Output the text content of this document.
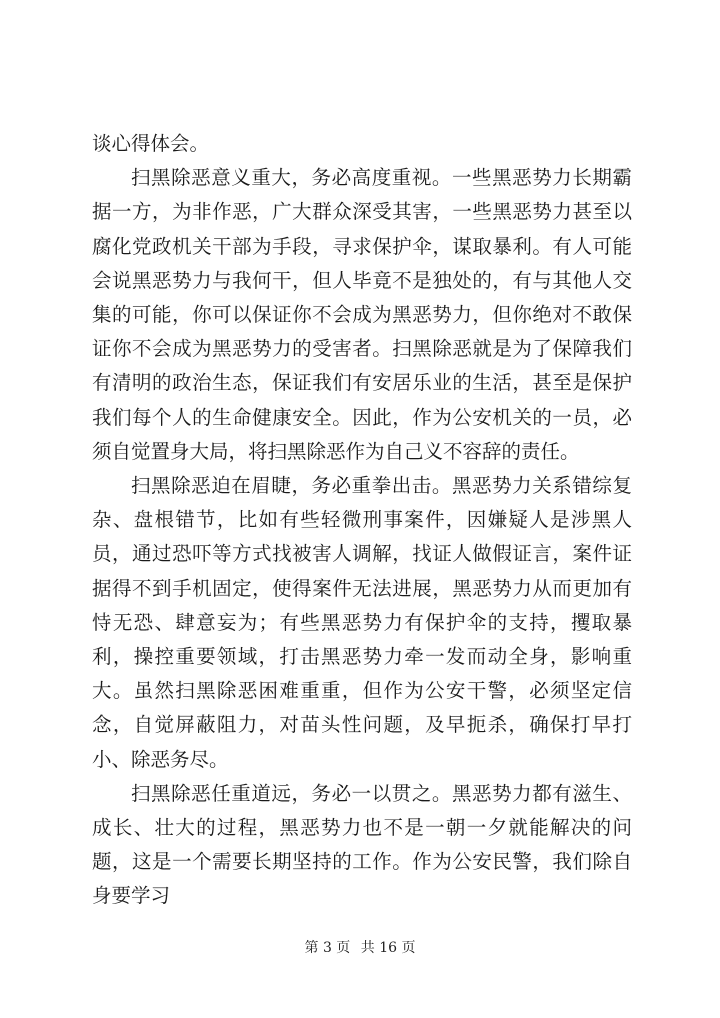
谈心得体会。

扫黑除恶意义重大，务必高度重视。一些黑恶势力长期霸据一方，为非作恶，广大群众深受其害，一些黑恶势力甚至以腐化党政机关干部为手段，寻求保护伞，谋取暴利。有人可能会说黑恶势力与我何干，但人毕竟不是独处的，有与其他人交集的可能，你可以保证你不会成为黑恶势力，但你绝对不敢保证你不会成为黑恶势力的受害者。扫黑除恶就是为了保障我们有清明的政治生态，保证我们有安居乐业的生活，甚至是保护我们每个人的生命健康安全。因此，作为公安机关的一员，必须自觉置身大局，将扫黑除恶作为自己义不容辞的责任。

扫黑除恶迫在眉睫，务必重拳出击。黑恶势力关系错综复杂、盘根错节，比如有些轻微刑事案件，因嫌疑人是涉黑人员，通过恐吓等方式找被害人调解，找证人做假证言，案件证据得不到手机固定，使得案件无法进展，黑恶势力从而更加有恃无恐、肆意妄为；有些黑恶势力有保护伞的支持，攫取暴利，操控重要领域，打击黑恶势力牵一发而动全身，影响重大。虽然扫黑除恶困难重重，但作为公安干警，必须坚定信念，自觉屏蔽阻力，对苗头性问题，及早扼杀，确保打早打小、除恶务尽。

扫黑除恶任重道远，务必一以贯之。黑恶势力都有滋生、成长、壮大的过程，黑恶势力也不是一朝一夕就能解决的问题，这是一个需要长期坚持的工作。作为公安民警，我们除自身要学习

第 3 页 共 16 页
